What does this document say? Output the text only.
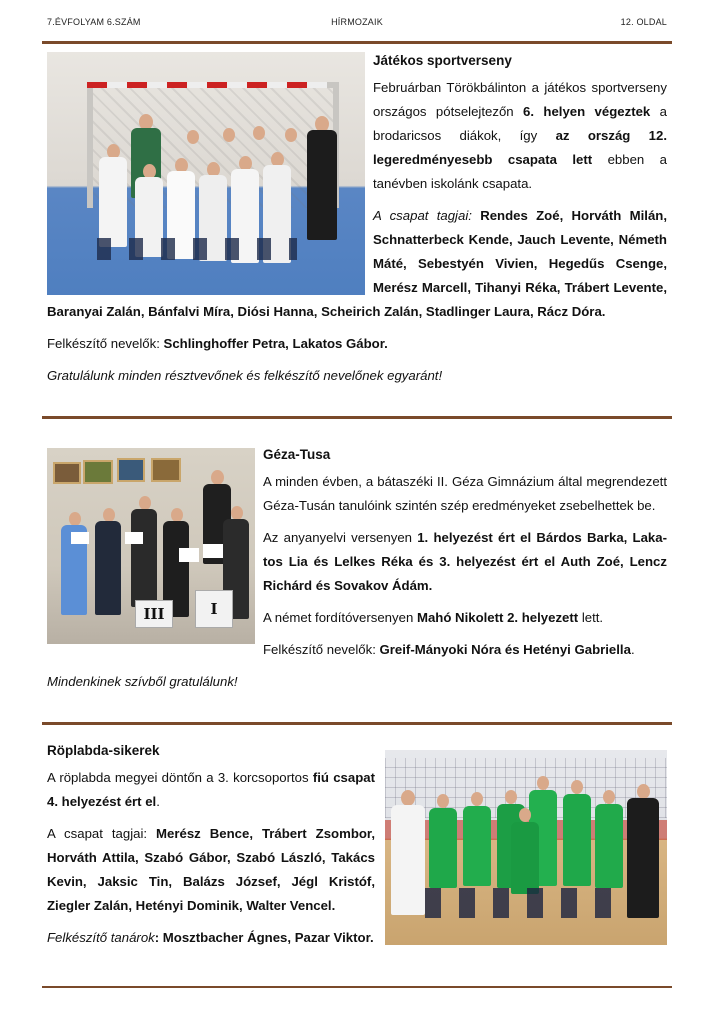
7.ÉVFOLYAM 6.SZÁM	HÍRMOZAIK	12. OLDAL
Játékos sportverseny

Februárban Törökbálinton a játékos sportverseny országos pótselejtezőn 6. helyen végeztek a brodaricsos diákok, így az ország 12. legeredményesebb csapata lett ebben a tanévben iskolánk csapata.

A csapat tagjai: Rendes Zoé, Horváth Milán, Schnatterbeck Kende, Jauch Levente, Németh Máté, Sebestyén Vivien, Hegedűs Csenge, Merész Marcell, Tihanyi Réka, Trábert Levente, Baranyai Zalán, Bánfalvi Míra, Diósi Hanna, Scheirich Zalán, Stadlinger Laura, Rácz Dóra.

Felkészítő nevelők: Schlinghoffer Petra, Lakatos Gábor.

Gratulálunk minden résztvevőnek és felkészítő nevelőnek egyaránt!

III	I
Géza-Tusa

A minden évben, a bátaszéki II. Géza Gimnázium által megrendezett Géza-Tusán tanulóink szintén szép eredményeket zsebelhettek be.

Az anyanyelvi versenyen 1. helyezést ért el Bárdos Barka, Lakatos Lia és Lelkes Réka és 3. helyezést ért el Auth Zoé, Lencz Richárd és Sovakov Ádám.

A német fordítóversenyen Mahó Nikolett 2. helyezett lett.

Felkészítő nevelők: Greif-Mányoki Nóra és Hetényi Gabriella.

Mindenkinek szívből gratulálunk!

Röplabda-sikerek

A röplabda megyei döntőn a 3. korcsoportos fiú csapat 4. helyezést ért el.

A csapat tagjai: Merész Bence, Trábert Zsombor, Horváth Attila, Szabó Gábor, Szabó László, Takács Kevin, Jaksic Tin, Balázs József, Jégl Kristóf, Ziegler Zalán, Hetényi Dominik, Walter Vencel.

Felkészítő tanárok: Mosztbacher Ágnes, Pazar Viktor.
